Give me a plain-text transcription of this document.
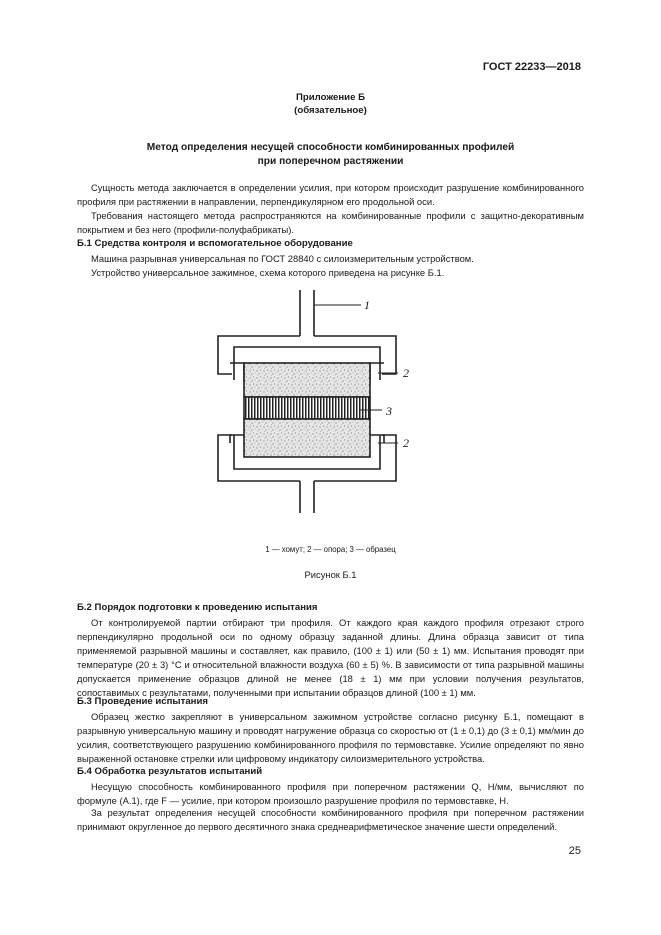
ГОСТ 22233—2018
Приложение Б
(обязательное)
Метод определения несущей способности комбинированных профилей
при поперечном растяжении
Сущность метода заключается в определении усилия, при котором происходит разрушение комбинированного профиля при растяжении в направлении, перпендикулярном его продольной оси.
Требования настоящего метода распространяются на комбинированные профили с защитно-декоративным покрытием и без него (профили-полуфабрикаты).
Б.1 Средства контроля и вспомогательное оборудование
Машина разрывная универсальная по ГОСТ 28840 с силоизмерительным устройством.
Устройство универсальное зажимное, схема которого приведена на рисунке Б.1.
1
2
3
2
1 — хомут; 2 — опора; 3 — образец
Рисунок Б.1
Б.2 Порядок подготовки к проведению испытания
От контролируемой партии отбирают три профиля. От каждого края каждого профиля отрезают строго перпендикулярно продольной оси по одному образцу заданной длины. Длина образца зависит от типа применяемой разрывной машины и составляет, как правило, (100 ± 1) или (50 ± 1) мм. Испытания проводят при температуре (20 ± 3) °С и относительной влажности воздуха (60 ± 5) %. В зависимости от типа разрывной машины допускается применение образцов длиной не менее (18 ± 1) мм при условии получения результатов, сопоставимых с результатами, полученными при испытании образцов длиной (100 ± 1) мм.
Б.3 Проведение испытания
Образец жестко закрепляют в универсальном зажимном устройстве согласно рисунку Б.1, помещают в разрывную универсальную машину и проводят нагружение образца со скоростью от (1 ± 0,1) до (3 ± 0,1) мм/мин до усилия, соответствующего разрушению комбинированного профиля по термовставке. Усилие определяют по явно выраженной остановке стрелки или цифровому индикатору силоизмерительного устройства.
Б.4 Обработка результатов испытаний
Несущую способность комбинированного профиля при поперечном растяжении Q, Н/мм, вычисляют по формуле (А.1), где F — усилие, при котором произошло разрушение профиля по термовставке, Н.
За результат определения несущей способности комбинированного профиля при поперечном растяжении принимают округленное до первого десятичного знака среднеарифметическое значение шести определений.
25
